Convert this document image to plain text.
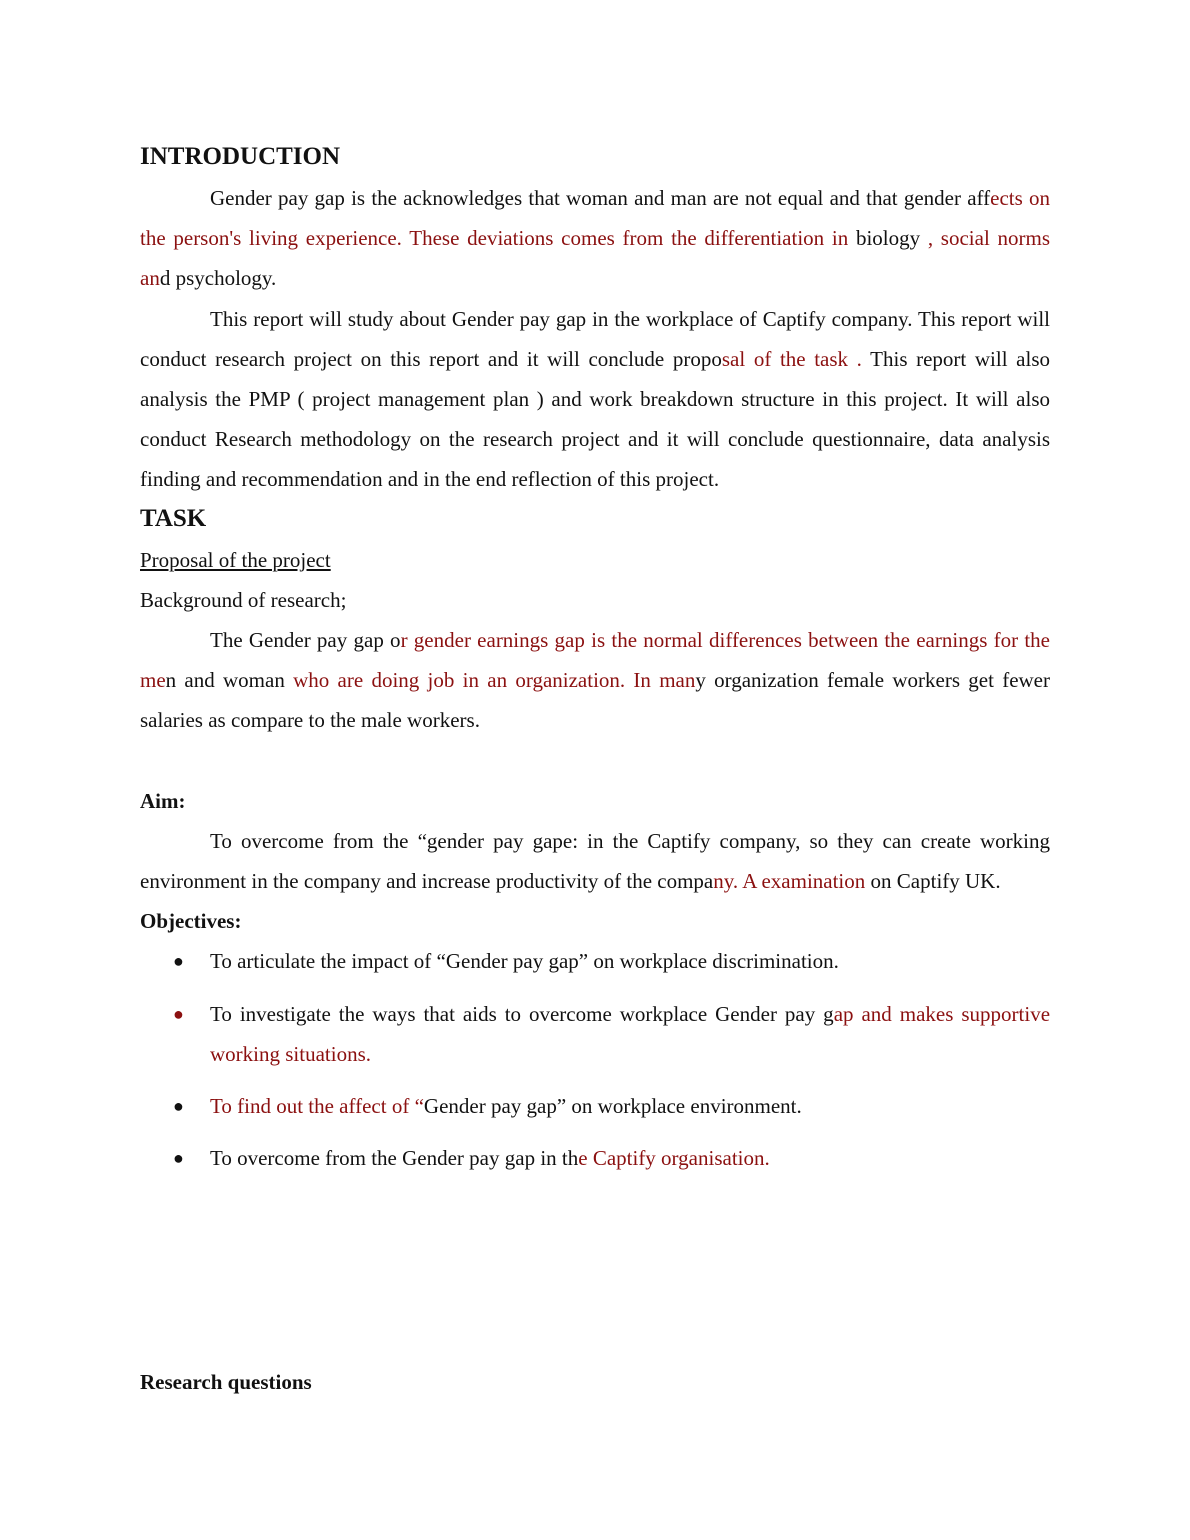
INTRODUCTION

Gender pay gap is the acknowledges that woman and man are not equal and that gender affects on the person's living experience. These deviations comes from the differentiation in biology , social norms and psychology.

This report will study about Gender pay gap in the workplace of Captify company. This report will conduct research project on this report and it will conclude proposal of the task . This report will also analysis the PMP ( project management plan ) and work breakdown structure in this project. It will also conduct Research methodology on the research project and it will conclude questionnaire, data analysis finding and recommendation and in the end reflection of this project.

TASK

Proposal of the project

Background of research;

The Gender pay gap or gender earnings gap is the normal differences between the earnings for the men and woman who are doing job in an organization. In many organization female workers get fewer salaries as compare to the male workers.

Aim:

To overcome from the “gender pay gape: in the Captify company, so they can create working environment in the company and increase productivity of the company. A examination on Captify UK.

Objectives:

● To articulate the impact of “Gender pay gap” on workplace discrimination.
● To investigate the ways that aids to overcome workplace Gender pay gap and makes supportive working situations.
● To find out the affect of “Gender pay gap” on workplace environment.
● To overcome from the Gender pay gap in the Captify organisation.
Research questions
